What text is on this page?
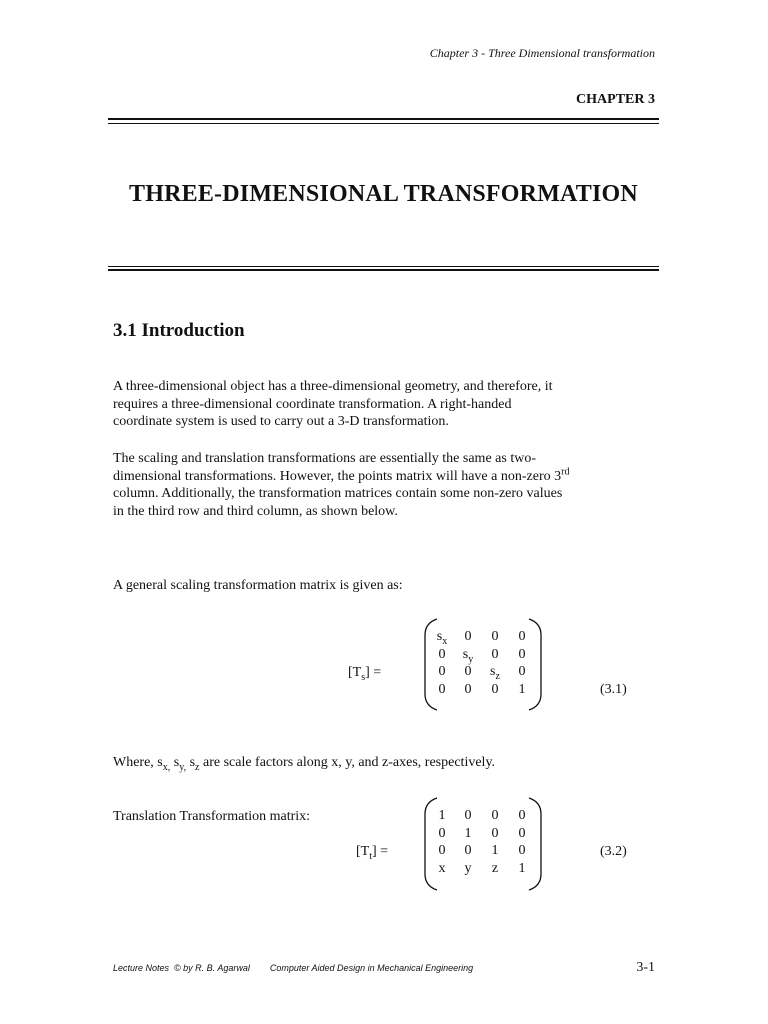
Chapter 3 - Three Dimensional transformation
CHAPTER 3
THREE-DIMENSIONAL TRANSFORMATION
3.1 Introduction
A three-dimensional object has a three-dimensional geometry, and therefore, it
requires a three-dimensional coordinate transformation. A right-handed
coordinate system is used to carry out a 3-D transformation.
The scaling and translation transformations are essentially the same as two-
dimensional transformations. However, the points matrix will have a non-zero 3rd
column. Additionally, the transformation matrices contain some non-zero values
in the third row and third column, as shown below.
A general scaling transformation matrix is given as:
$[T_s]$ =
$s_x$	0	0	0
0	$s_y$	0	0
0	0	$s_z$	0
0	0	0	1	(3.1)
Where, $s_{x,}$ $s_{y,}$ $s_z$ are scale factors along x, y, and z-axes, respectively.
Translation Transformation matrix:
$[T_t]$ =
1	0	0	0
0	1	0	0
0	0	1	0
x	y	z	1
(3.2)
Lecture Notes  © by R. B. Agarwal        Computer Aided Design in Mechanical Engineering	3-1
